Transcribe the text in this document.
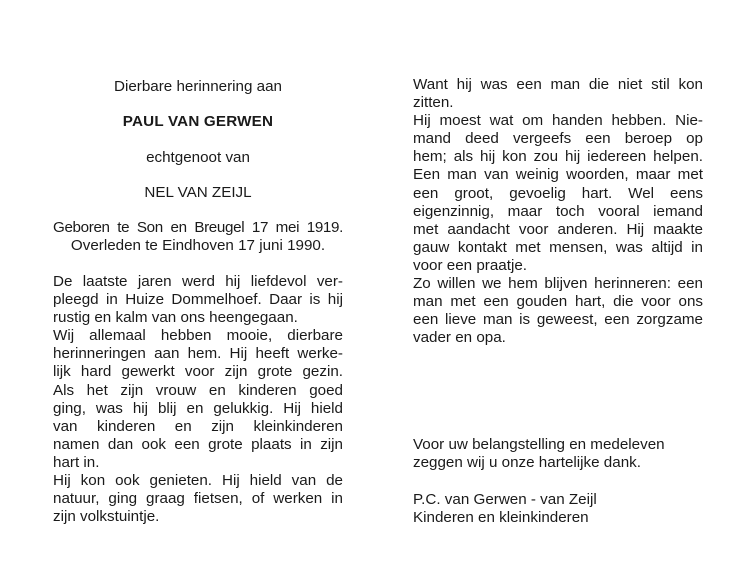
Dierbare herinnering aan
PAUL VAN GERWEN
echtgenoot van
NEL VAN ZEIJL
Geboren te Son en Breugel 17 mei 1919.
Overleden te Eindhoven 17 juni 1990.
De laatste jaren werd hij liefdevol ver-
pleegd in Huize Dommelhoef. Daar is hij
rustig en kalm van ons heengegaan.
Wij allemaal hebben mooie, dierbare
herinneringen aan hem. Hij heeft werke-
lijk hard gewerkt voor zijn grote gezin.
Als het zijn vrouw en kinderen goed
ging, was hij blij en gelukkig. Hij hield
van kinderen en zijn kleinkinderen
namen dan ook een grote plaats in zijn
hart in.
Hij kon ook genieten. Hij hield van de
natuur, ging graag fietsen, of werken in
zijn volkstuintje.
Want hij was een man die niet stil kon
zitten.
Hij moest wat om handen hebben. Nie-
mand deed vergeefs een beroep op
hem; als hij kon zou hij iedereen helpen.
Een man van weinig woorden, maar met
een groot, gevoelig hart. Wel eens
eigenzinnig, maar toch vooral iemand
met aandacht voor anderen. Hij maakte
gauw kontakt met mensen, was altijd in
voor een praatje.
Zo willen we hem blijven herinneren: een
man met een gouden hart, die voor ons
een lieve man is geweest, een zorgzame
vader en opa.
Voor uw belangstelling en medeleven
zeggen wij u onze hartelijke dank.
P.C. van Gerwen - van Zeijl
Kinderen en kleinkinderen
